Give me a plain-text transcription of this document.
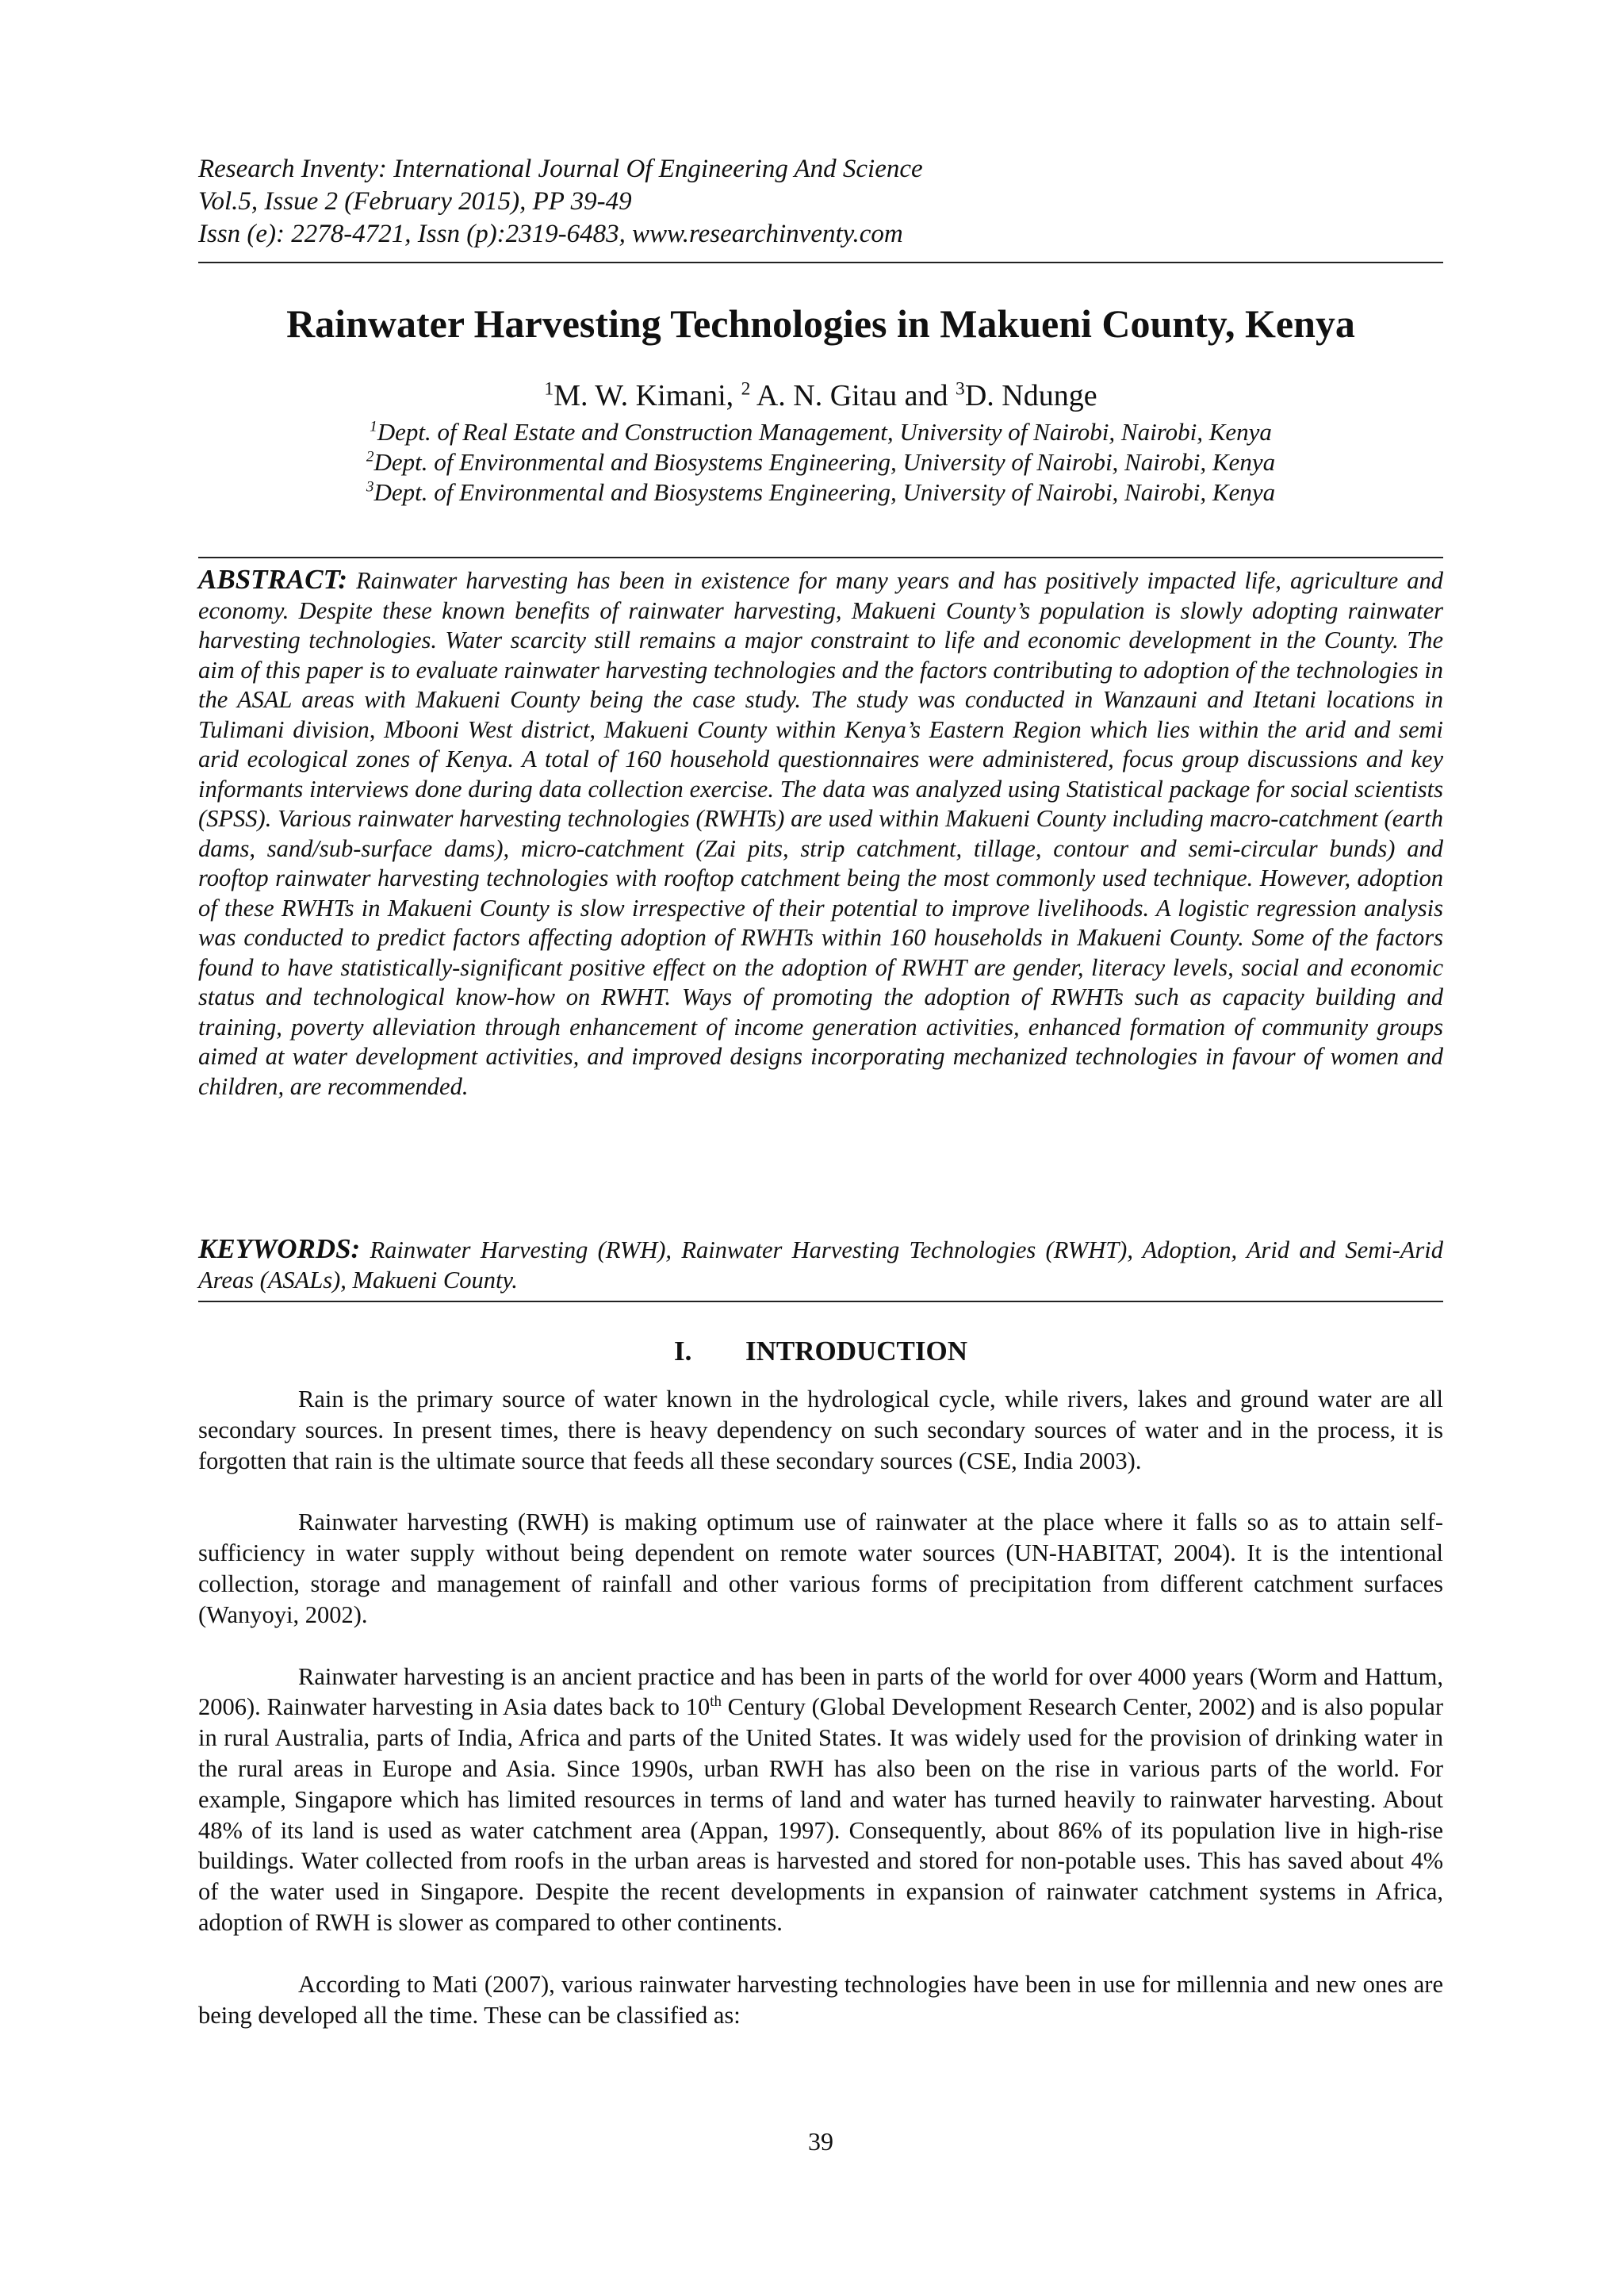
Research Inventy: International Journal Of Engineering And Science
Vol.5, Issue 2 (February 2015), PP 39-49
Issn (e): 2278-4721, Issn (p):2319-6483, www.researchinventy.com
Rainwater Harvesting Technologies in Makueni County, Kenya
$^1$M. W. Kimani, $^2$ A. N. Gitau and $^3$D. Ndunge
$^1$Dept. of Real Estate and Construction Management, University of Nairobi, Nairobi, Kenya
$^2$Dept. of Environmental and Biosystems Engineering, University of Nairobi, Nairobi, Kenya
$^3$Dept. of Environmental and Biosystems Engineering, University of Nairobi, Nairobi, Kenya
ABSTRACT: Rainwater harvesting has been in existence for many years and has positively impacted life, agriculture and economy. Despite these known benefits of rainwater harvesting, Makueni County’s population is slowly adopting rainwater harvesting technologies. Water scarcity still remains a major constraint to life and economic development in the County. The aim of this paper is to evaluate rainwater harvesting technologies and the factors contributing to adoption of the technologies in the ASAL areas with Makueni County being the case study. The study was conducted in Wanzauni and Itetani locations in Tulimani division, Mbooni West district, Makueni County within Kenya’s Eastern Region which lies within the arid and semi arid ecological zones of Kenya. A total of 160 household questionnaires were administered, focus group discussions and key informants interviews done during data collection exercise. The data was analyzed using Statistical package for social scientists (SPSS). Various rainwater harvesting technologies (RWHTs) are used within Makueni County including macro-catchment (earth dams, sand/sub-surface dams), micro-catchment (Zai pits, strip catchment, tillage, contour and semi-circular bunds) and rooftop rainwater harvesting technologies with rooftop catchment being the most commonly used technique. However, adoption of these RWHTs in Makueni County is slow irrespective of their potential to improve livelihoods. A logistic regression analysis was conducted to predict factors affecting adoption of RWHTs within 160 households in Makueni County. Some of the factors found to have statistically-significant positive effect on the adoption of RWHT are gender, literacy levels, social and economic status and technological know-how on RWHT. Ways of promoting the adoption of RWHTs such as capacity building and training, poverty alleviation through enhancement of income generation activities, enhanced formation of community groups aimed at water development activities, and improved designs incorporating mechanized technologies in favour of women and children, are recommended.
KEYWORDS: Rainwater Harvesting (RWH), Rainwater Harvesting Technologies (RWHT), Adoption, Arid and Semi-Arid Areas (ASALs), Makueni County.
I. INTRODUCTION

Rain is the primary source of water known in the hydrological cycle, while rivers, lakes and ground water are all secondary sources. In present times, there is heavy dependency on such secondary sources of water and in the process, it is forgotten that rain is the ultimate source that feeds all these secondary sources (CSE, India 2003).

Rainwater harvesting (RWH) is making optimum use of rainwater at the place where it falls so as to attain self-sufficiency in water supply without being dependent on remote water sources (UN-HABITAT, 2004). It is the intentional collection, storage and management of rainfall and other various forms of precipitation from different catchment surfaces (Wanyoyi, 2002).

Rainwater harvesting is an ancient practice and has been in parts of the world for over 4000 years (Worm and Hattum, 2006). Rainwater harvesting in Asia dates back to 10th Century (Global Development Research Center, 2002) and is also popular in rural Australia, parts of India, Africa and parts of the United States. It was widely used for the provision of drinking water in the rural areas in Europe and Asia. Since 1990s, urban RWH has also been on the rise in various parts of the world. For example, Singapore which has limited resources in terms of land and water has turned heavily to rainwater harvesting. About 48% of its land is used as water catchment area (Appan, 1997). Consequently, about 86% of its population live in high-rise buildings. Water collected from roofs in the urban areas is harvested and stored for non-potable uses. This has saved about 4% of the water used in Singapore. Despite the recent developments in expansion of rainwater catchment systems in Africa, adoption of RWH is slower as compared to other continents.

According to Mati (2007), various rainwater harvesting technologies have been in use for millennia and new ones are being developed all the time. These can be classified as:

39
